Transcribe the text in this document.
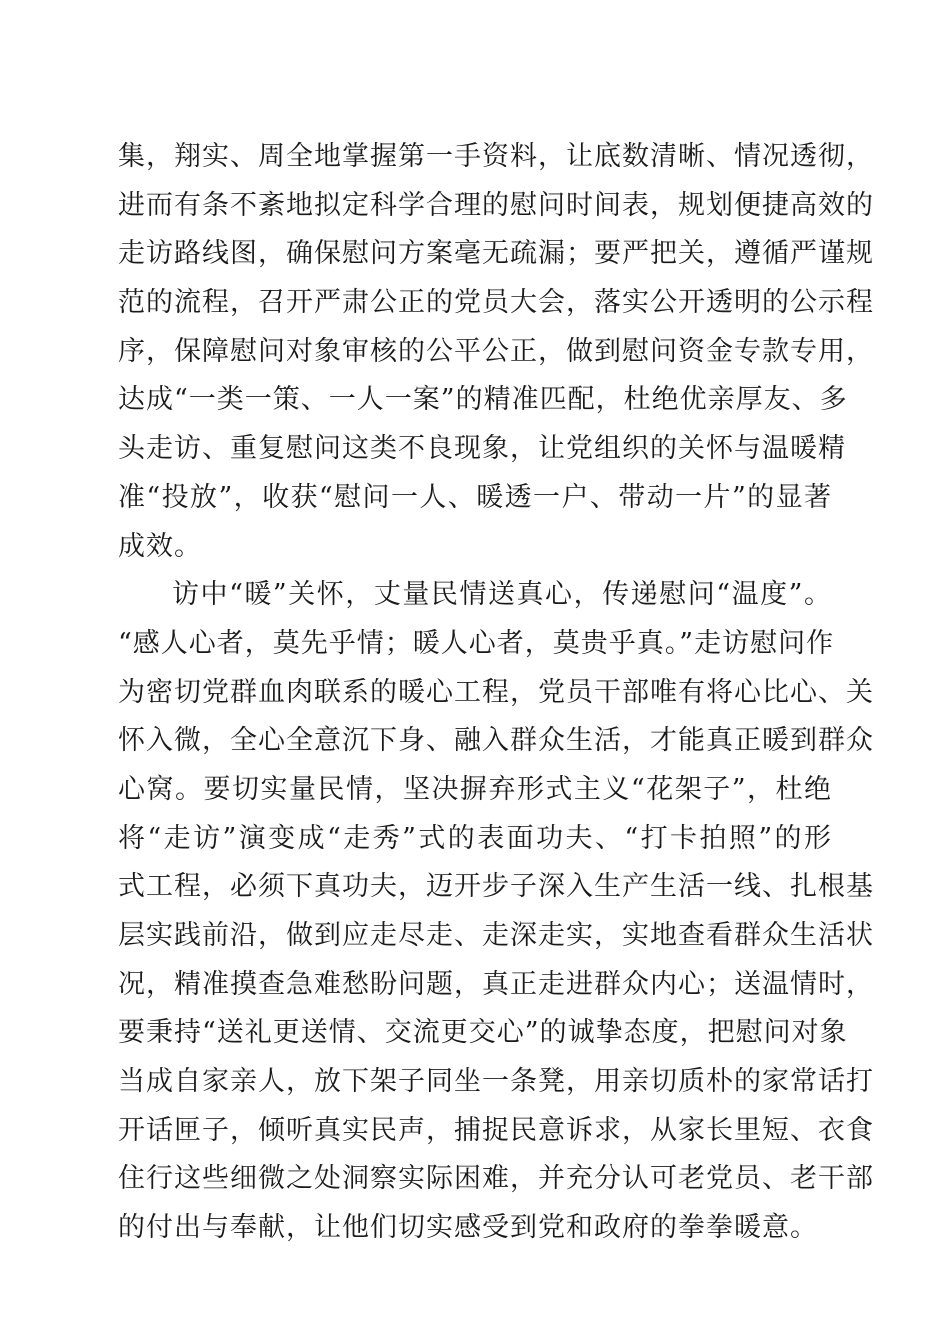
集，翔实、周全地掌握第一手资料，让底数清晰、情况透彻，
进而有条不紊地拟定科学合理的慰问时间表，规划便捷高效的
走访路线图，确保慰问方案毫无疏漏；要严把关，遵循严谨规
范的流程，召开严肃公正的党员大会，落实公开透明的公示程
序，保障慰问对象审核的公平公正，做到慰问资金专款专用，
达成“一类一策、一人一案”的精准匹配，杜绝优亲厚友、多
头走访、重复慰问这类不良现象，让党组织的关怀与温暖精
准“投放”，收获“慰问一人、暖透一户、带动一片”的显著
成效。
访中“暖”关怀，丈量民情送真心，传递慰问“温度”。
“感人心者，莫先乎情；暖人心者，莫贵乎真。”走访慰问作
为密切党群血肉联系的暖心工程，党员干部唯有将心比心、关
怀入微，全心全意沉下身、融入群众生活，才能真正暖到群众
心窝。要切实量民情，坚决摒弃形式主义“花架子”，杜绝
将“走访”演变成“走秀”式的表面功夫、“打卡拍照”的形
式工程，必须下真功夫，迈开步子深入生产生活一线、扎根基
层实践前沿，做到应走尽走、走深走实，实地查看群众生活状
况，精准摸查急难愁盼问题，真正走进群众内心；送温情时，
要秉持“送礼更送情、交流更交心”的诚挚态度，把慰问对象
当成自家亲人，放下架子同坐一条凳，用亲切质朴的家常话打
开话匣子，倾听真实民声，捕捉民意诉求，从家长里短、衣食
住行这些细微之处洞察实际困难，并充分认可老党员、老干部
的付出与奉献，让他们切实感受到党和政府的拳拳暖意。
